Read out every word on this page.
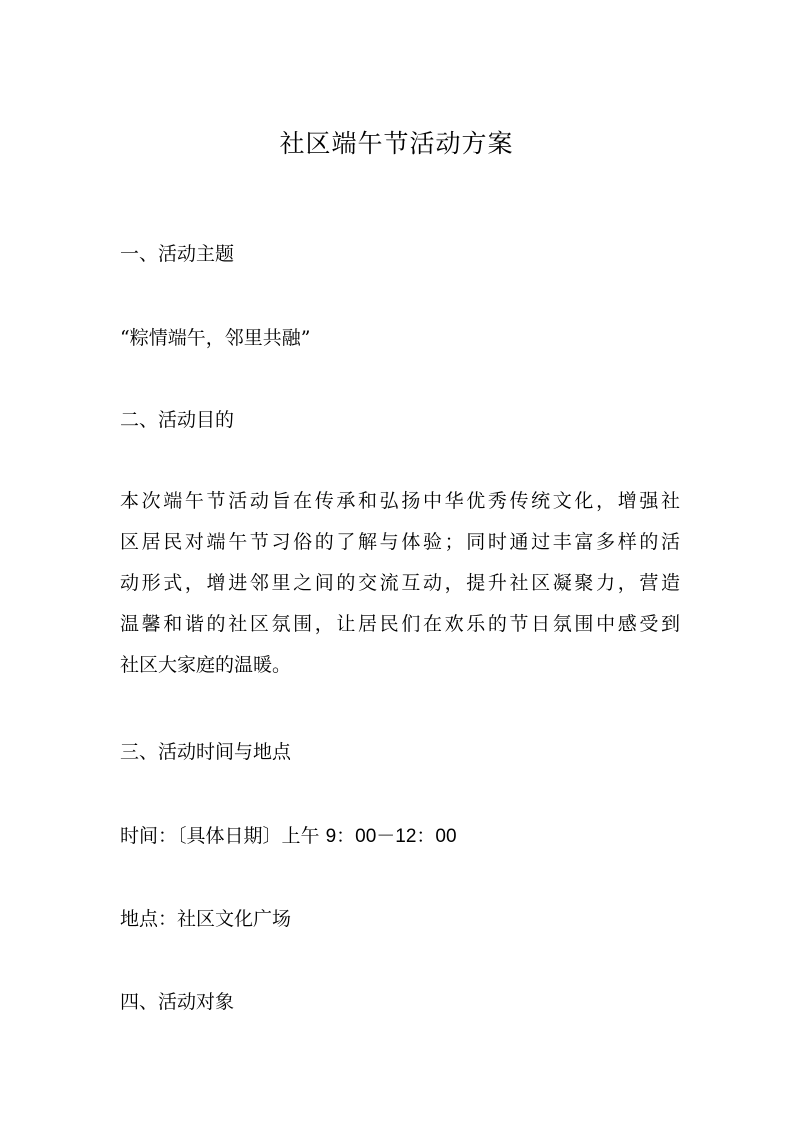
社区端午节活动方案

一、活动主题

“粽情端午，邻里共融”

二、活动目的

本次端午节活动旨在传承和弘扬中华优秀传统文化，增强社
区居民对端午节习俗的了解与体验；同时通过丰富多样的活
动形式，增进邻里之间的交流互动，提升社区凝聚力，营造
温馨和谐的社区氛围，让居民们在欢乐的节日氛围中感受到
社区大家庭的温暖。

三、活动时间与地点

时间：〔具体日期〕上午 9：00－12：00

地点：社区文化广场

四、活动对象
